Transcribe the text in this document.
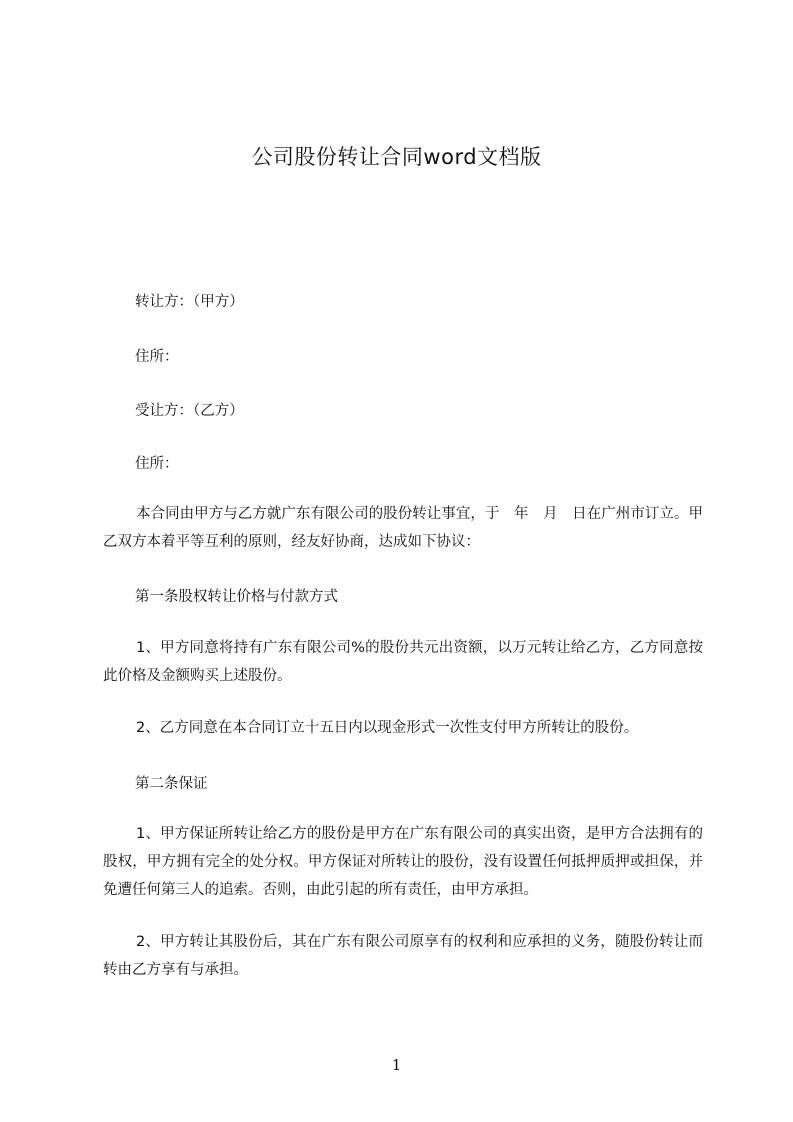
公司股份转让合同word文档版
转让方：（甲方）
住所：
受让方：（乙方）
住所：

本合同由甲方与乙方就广东有限公司的股份转让事宜，于　年　月　日在广州市订立。甲乙双方本着平等互利的原则，经友好协商，达成如下协议：

第一条股权转让价格与付款方式

1、甲方同意将持有广东有限公司%的股份共元出资额，以万元转让给乙方，乙方同意按此价格及金额购买上述股份。

2、乙方同意在本合同订立十五日内以现金形式一次性支付甲方所转让的股份。

第二条保证

1、甲方保证所转让给乙方的股份是甲方在广东有限公司的真实出资，是甲方合法拥有的股权，甲方拥有完全的处分权。甲方保证对所转让的股份，没有设置任何抵押质押或担保，并免遭任何第三人的追索。否则，由此引起的所有责任，由甲方承担。

2、甲方转让其股份后，其在广东有限公司原享有的权利和应承担的义务，随股份转让而转由乙方享有与承担。

1
